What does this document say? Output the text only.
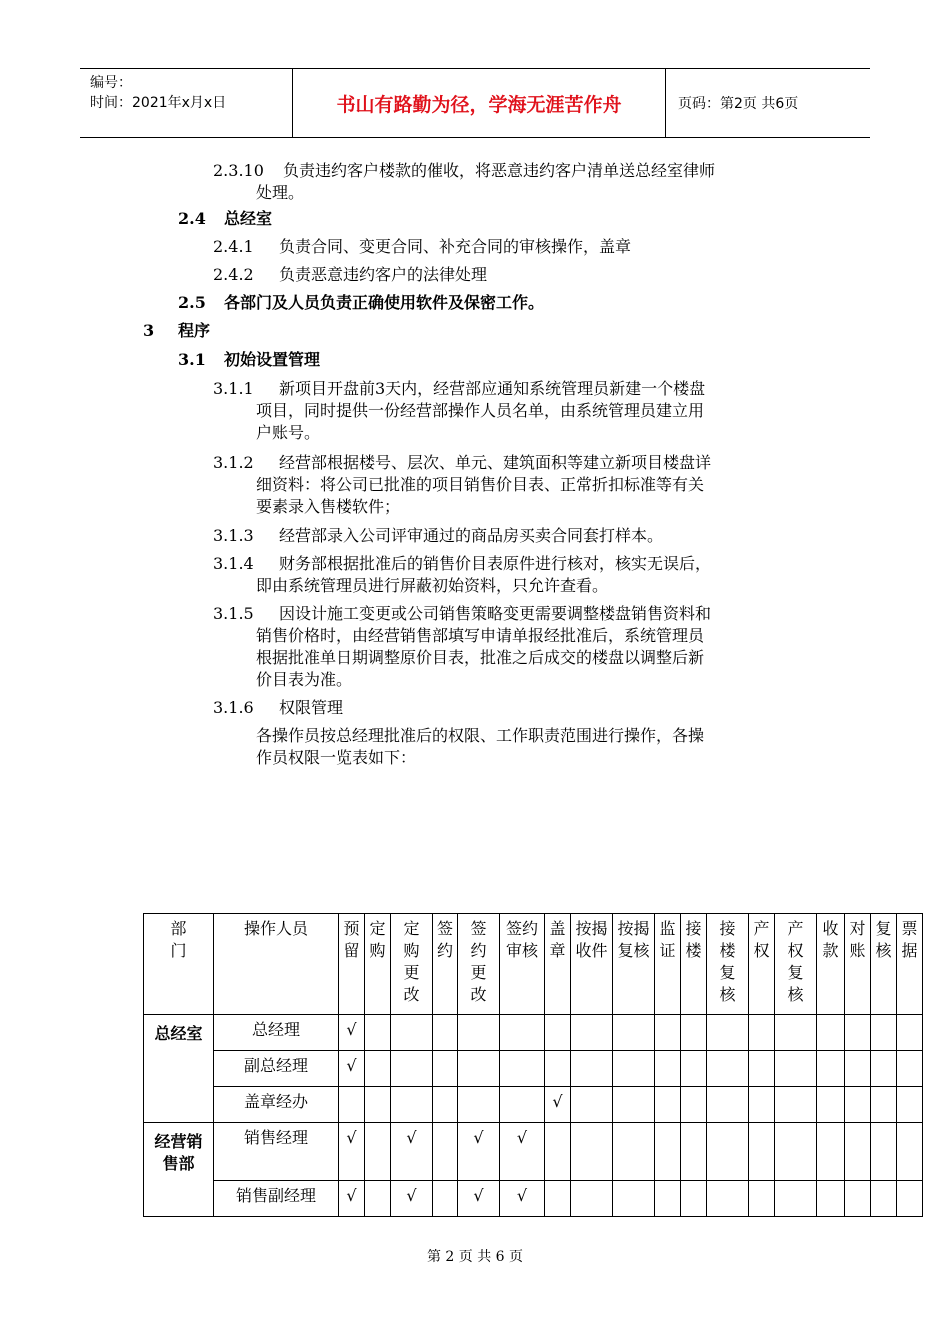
编号：
时间：2021年x月x日	书山有路勤为径，学海无涯苦作舟	页码：第2页 共6页
2.3.10 负责违约客户楼款的催收，将恶意违约客户清单送总经室律师
处理。
2.4 总经室
2.4.1 负责合同、变更合同、补充合同的审核操作，盖章
2.4.2 负责恶意违约客户的法律处理
2.5 各部门及人员负责正确使用软件及保密工作。
3 程序
3.1 初始设置管理
3.1.1 新项目开盘前3天内，经营部应通知系统管理员新建一个楼盘
项目，同时提供一份经营部操作人员名单，由系统管理员建立用
户账号。
3.1.2 经营部根据楼号、层次、单元、建筑面积等建立新项目楼盘详
细资料：将公司已批准的项目销售价目表、正常折扣标准等有关
要素录入售楼软件；
3.1.3 经营部录入公司评审通过的商品房买卖合同套打样本。
3.1.4 财务部根据批准后的销售价目表原件进行核对，核实无误后，
即由系统管理员进行屏蔽初始资料，只允许查看。
3.1.5 因设计施工变更或公司销售策略变更需要调整楼盘销售资料和
销售价格时，由经营销售部填写申请单报经批准后，系统管理员
根据批准单日期调整原价目表，批准之后成交的楼盘以调整后新
价目表为准。
3.1.6 权限管理
各操作员按总经理批准后的权限、工作职责范围进行操作，各操
作员权限一览表如下：
部门	操作人员	预留	定购	定购更改	签约	签约更改	签约审核	盖章	按揭收件	按揭复核	监证	接楼	接楼复核	产权	产权复核	收款	对账	复核	票据
总经室	总经理	√																	
	副总经理	√																	
	盖章经办							√											
经营销售部	销售经理	√		√		√	√												
	销售副经理	√		√		√	√												
第 2 页 共 6 页
